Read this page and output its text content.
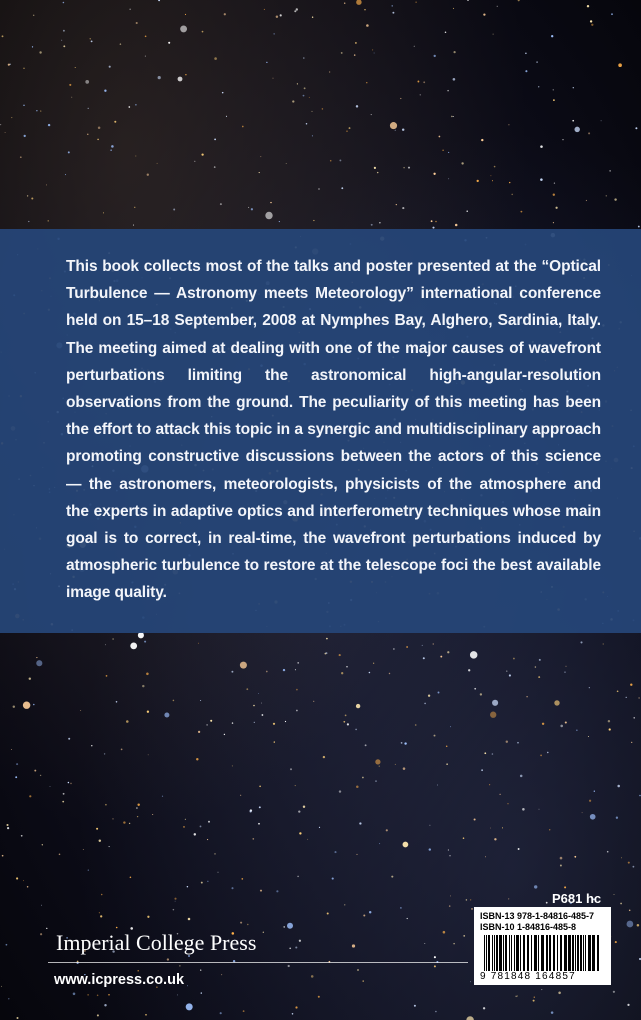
This book collects most of the talks and poster presented at the “Optical Turbulence — Astronomy meets Meteorology” international conference held on 15–18 September, 2008 at Nymphes Bay, Alghero, Sardinia, Italy. The meeting aimed at dealing with one of the major causes of wavefront perturbations limiting the astronomical high-angular-resolution observations from the ground. The peculiarity of this meeting has been the effort to attack this topic in a synergic and multidisciplinary approach promoting constructive discussions between the actors of this science — the astronomers, meteorologists, physicists of the atmosphere and the experts in adaptive optics and interferometry techniques whose main goal is to correct, in real-time, the wavefront perturbations induced by atmospheric turbulence to restore at the telescope foci the best available image quality.

P681 hc
Imperial College Press
www.icpress.co.uk
ISBN-13 978-1-84816-485-7
ISBN-10 1-84816-485-8
9 781848 164857
